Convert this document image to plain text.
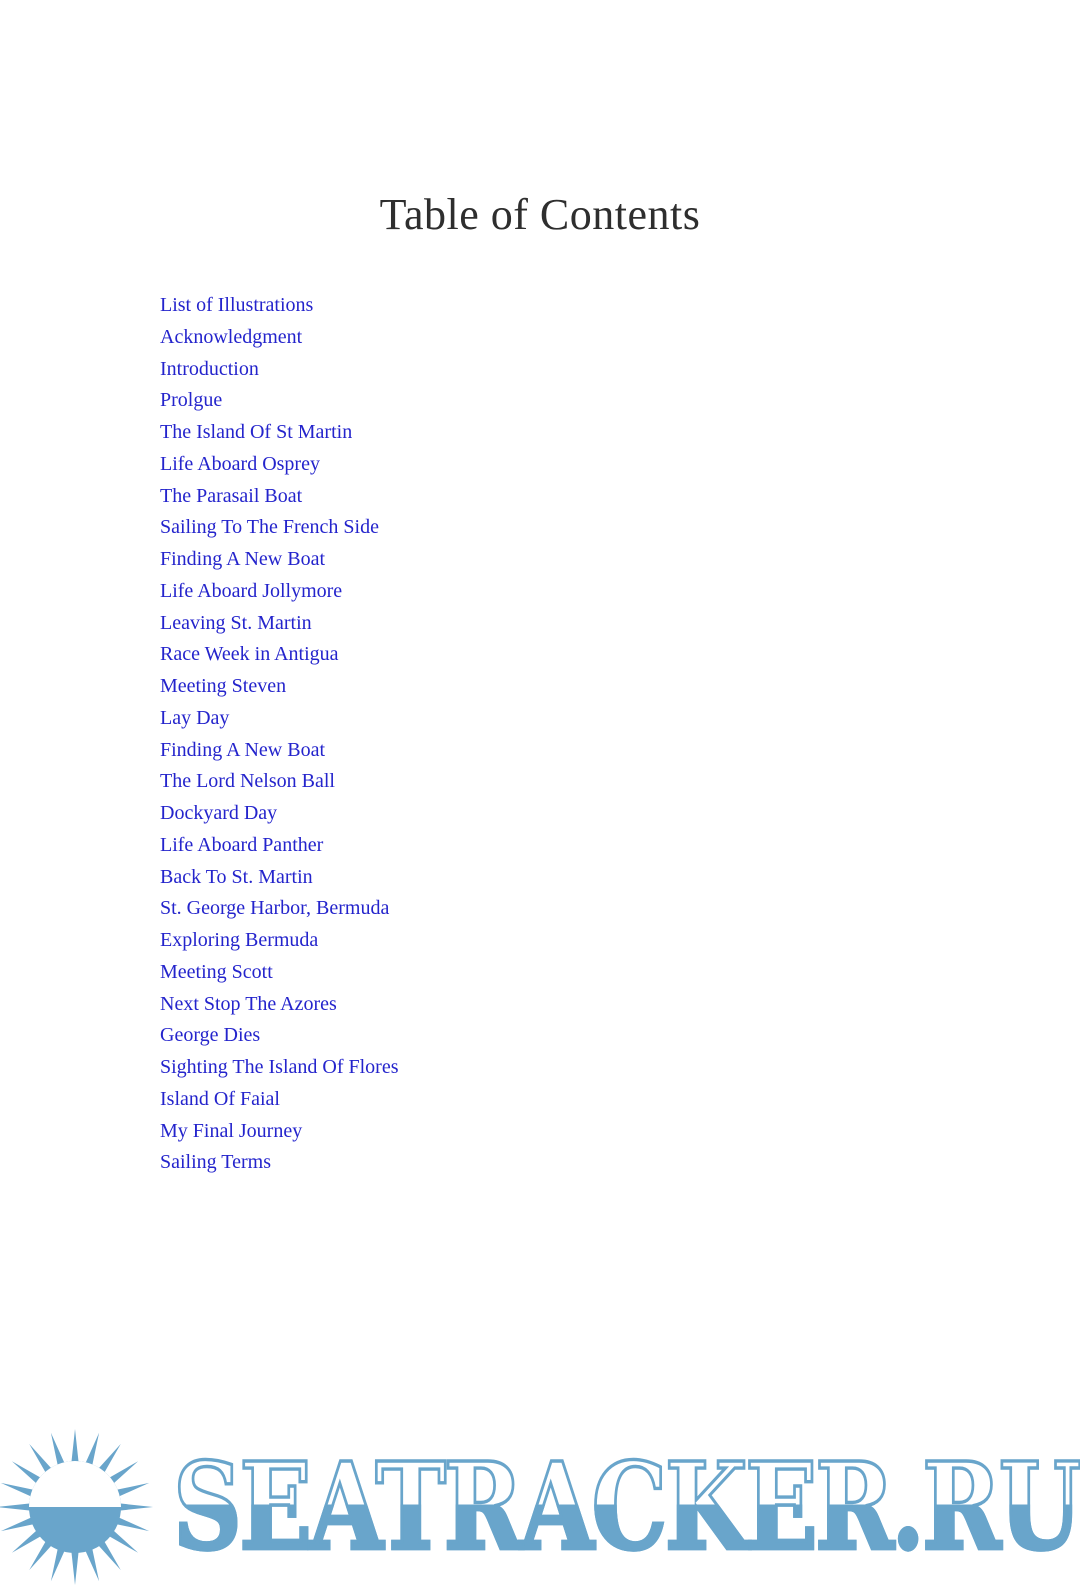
Table of Contents
List of Illustrations
Acknowledgment
Introduction
Prolgue
The Island Of St Martin
Life Aboard Osprey
The Parasail Boat
Sailing To The French Side
Finding A New Boat
Life Aboard Jollymore
Leaving St. Martin
Race Week in Antigua
Meeting Steven
Lay Day
Finding A New Boat
The Lord Nelson Ball
Dockyard Day
Life Aboard Panther
Back To St. Martin
St. George Harbor, Bermuda
Exploring Bermuda
Meeting Scott
Next Stop The Azores
George Dies
Sighting The Island Of Flores
Island Of Faial
My Final Journey
Sailing Terms
SEATRACKER.RU
